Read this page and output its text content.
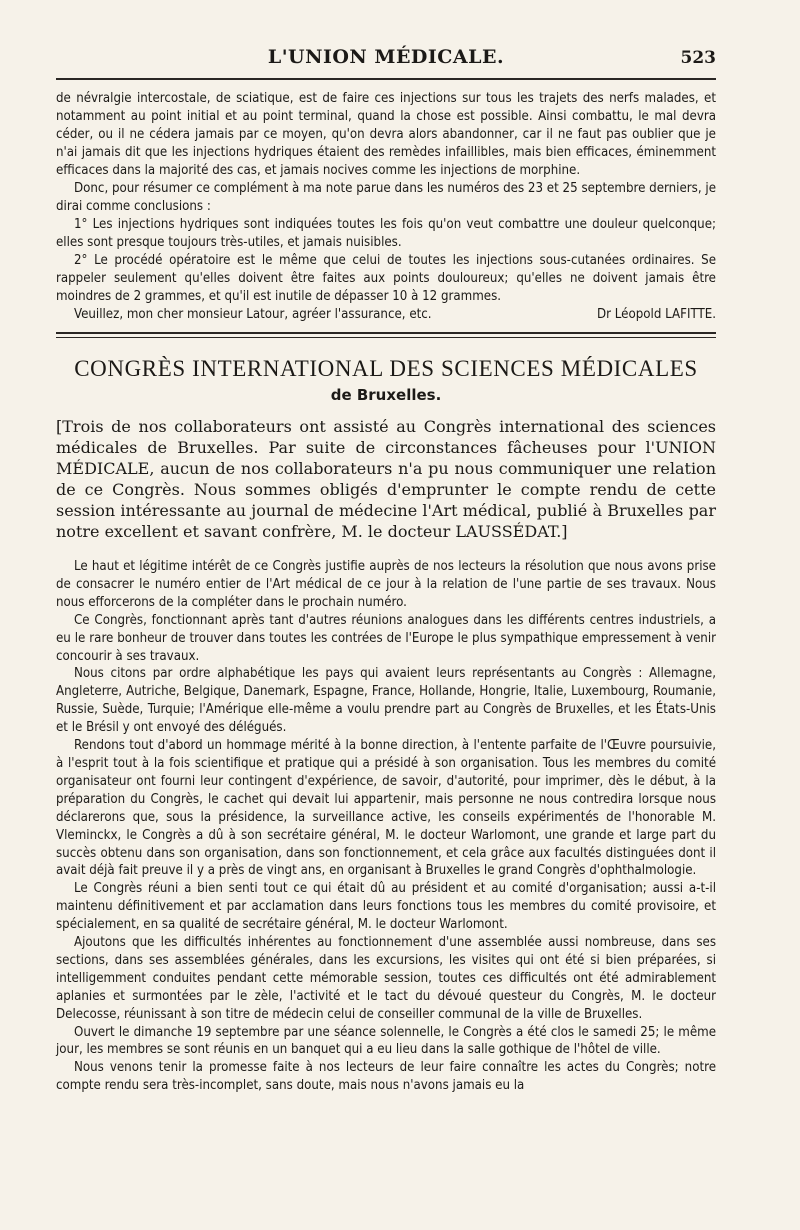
L'UNION MÉDICALE.	523

de névralgie intercostale, de sciatique, est de faire ces injections sur tous les trajets des nerfs malades, et notamment au point initial et au point terminal, quand la chose est possible. Ainsi combattu, le mal devra céder, ou il ne cédera jamais par ce moyen, qu'on devra alors abandonner, car il ne faut pas oublier que je n'ai jamais dit que les injections hydriques étaient des remèdes infaillibles, mais bien efficaces, éminemment efficaces dans la majorité des cas, et jamais nocives comme les injections de morphine.

Donc, pour résumer ce complément à ma note parue dans les numéros des 23 et 25 septembre derniers, je dirai comme conclusions :

1° Les injections hydriques sont indiquées toutes les fois qu'on veut combattre une douleur quelconque; elles sont presque toujours très-utiles, et jamais nuisibles.

2° Le procédé opératoire est le même que celui de toutes les injections sous-cutanées ordinaires. Se rappeler seulement qu'elles doivent être faites aux points douloureux; qu'elles ne doivent jamais être moindres de 2 grammes, et qu'il est inutile de dépasser 10 à 12 grammes.

Veuillez, mon cher monsieur Latour, agréer l'assurance, etc.	Dr Léopold LAFITTE.
CONGRÈS INTERNATIONAL DES SCIENCES MÉDICALES
de Bruxelles.
[Trois de nos collaborateurs ont assisté au Congrès international des sciences médicales de Bruxelles. Par suite de circonstances fâcheuses pour l'UNION MÉDICALE, aucun de nos collaborateurs n'a pu nous communiquer une relation de ce Congrès. Nous sommes obligés d'emprunter le compte rendu de cette session intéressante au journal de médecine l'Art médical, publié à Bruxelles par notre excellent et savant confrère, M. le docteur LAUSSÉDAT.]

Le haut et légitime intérêt de ce Congrès justifie auprès de nos lecteurs la résolution que nous avons prise de consacrer le numéro entier de l'Art médical de ce jour à la relation de l'une partie de ses travaux. Nous nous efforcerons de la compléter dans le prochain numéro.

Ce Congrès, fonctionnant après tant d'autres réunions analogues dans les différents centres industriels, a eu le rare bonheur de trouver dans toutes les contrées de l'Europe le plus sympathique empressement à venir concourir à ses travaux.

Nous citons par ordre alphabétique les pays qui avaient leurs représentants au Congrès : Allemagne, Angleterre, Autriche, Belgique, Danemark, Espagne, France, Hollande, Hongrie, Italie, Luxembourg, Roumanie, Russie, Suède, Turquie; l'Amérique elle-même a voulu prendre part au Congrès de Bruxelles, et les États-Unis et le Brésil y ont envoyé des délégués.

Rendons tout d'abord un hommage mérité à la bonne direction, à l'entente parfaite de l'Œuvre poursuivie, à l'esprit tout à la fois scientifique et pratique qui a présidé à son organisation. Tous les membres du comité organisateur ont fourni leur contingent d'expérience, de savoir, d'autorité, pour imprimer, dès le début, à la préparation du Congrès, le cachet qui devait lui appartenir, mais personne ne nous contredira lorsque nous déclarerons que, sous la présidence, la surveillance active, les conseils expérimentés de l'honorable M. Vleminckx, le Congrès a dû à son secrétaire général, M. le docteur Warlomont, une grande et large part du succès obtenu dans son organisation, dans son fonctionnement, et cela grâce aux facultés distinguées dont il avait déjà fait preuve il y a près de vingt ans, en organisant à Bruxelles le grand Congrès d'ophthalmologie.

Le Congrès réuni a bien senti tout ce qui était dû au président et au comité d'organisation; aussi a-t-il maintenu définitivement et par acclamation dans leurs fonctions tous les membres du comité provisoire, et spécialement, en sa qualité de secrétaire général, M. le docteur Warlomont.

Ajoutons que les difficultés inhérentes au fonctionnement d'une assemblée aussi nombreuse, dans ses sections, dans ses assemblées générales, dans les excursions, les visites qui ont été si bien préparées, si intelligemment conduites pendant cette mémorable session, toutes ces difficultés ont été admirablement aplanies et surmontées par le zèle, l'activité et le tact du dévoué questeur du Congrès, M. le docteur Delecosse, réunissant à son titre de médecin celui de conseiller communal de la ville de Bruxelles.

Ouvert le dimanche 19 septembre par une séance solennelle, le Congrès a été clos le samedi 25; le même jour, les membres se sont réunis en un banquet qui a eu lieu dans la salle gothique de l'hôtel de ville.

Nous venons tenir la promesse faite à nos lecteurs de leur faire connaître les actes du Congrès; notre compte rendu sera très-incomplet, sans doute, mais nous n'avons jamais eu la
